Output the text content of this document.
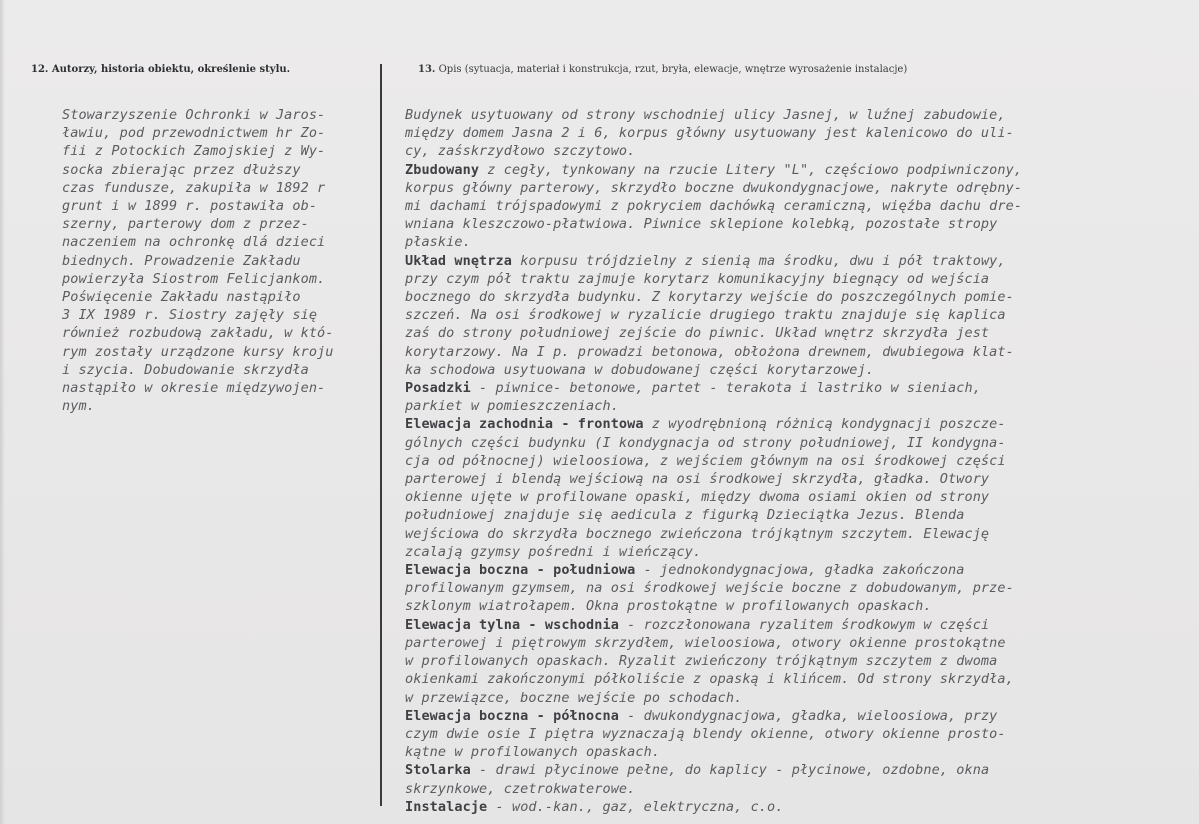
12. Autorzy, historia obiektu, określenie stylu.	13. Opis (sytuacja, materiał i konstrukcja, rzut, bryła, elewacje, wnętrze wyrosażenie instalacje)
Stowarzyszenie Ochronki w Jaros-
ławiu, pod przewodnictwem hr Zo-
fii z Potockich Zamojskiej z Wy-
socka zbierając przez dłuższy
czas fundusze, zakupiła w 1892 r
grunt i w 1899 r. postawiła ob-
szerny, parterowy dom z przez-
naczeniem na ochronkę dlá dzieci
biednych. Prowadzenie Zakładu
powierzyła Siostrom Felicjankom.
Poświęcenie Zakładu nastąpiło
3 IX 1989 r. Siostry zajęły się
również rozbudową zakładu, w któ-
rym zostały urządzone kursy kroju
i szycia. Dobudowanie skrzydła
nastąpiło w okresie międzywojen-
nym.
Budynek usytuowany od strony wschodniej ulicy Jasnej, w luźnej zabudowie,
między domem Jasna 2 i 6, korpus główny usytuowany jest kalenicowo do uli-
cy, zaśskrzydłowo szczytowo.
Zbudowany z cegły, tynkowany na rzucie Litery "L", częściowo podpiwniczony,
korpus główny parterowy, skrzydło boczne dwukondygnacjowe, nakryte odrębny-
mi dachami trójspadowymi z pokryciem dachówką ceramiczną, więźba dachu dre-
wniana kleszczowo-płatwiowa. Piwnice sklepione kolebką, pozostałe stropy
płaskie.
Układ wnętrza korpusu trójdzielny z sienią ma środku, dwu i pół traktowy,
przy czym pół traktu zajmuje korytarz komunikacyjny biegnący od wejścia
bocznego do skrzydła budynku. Z korytarzy wejście do poszczególnych pomie-
szczeń. Na osi środkowej w ryzalicie drugiego traktu znajduje się kaplica
zaś do strony południowej zejście do piwnic. Układ wnętrz skrzydła jest
korytarzowy. Na I p. prowadzi betonowa, obłożona drewnem, dwubiegowa klat-
ka schodowa usytuowana w dobudowanej części korytarzowej.
Posadzki - piwnice- betonowe, partet - terakota i lastriko w sieniach,
parkiet w pomieszczeniach.
Elewacja zachodnia - frontowa z wyodrębnioną różnicą kondygnacji poszcze-
gólnych części budynku (I kondygnacja od strony południowej, II kondygna-
cja od północnej) wieloosiowa, z wejściem głównym na osi środkowej części
parterowej i blendą wejściową na osi środkowej skrzydła, gładka. Otwory
okienne ujęte w profilowane opaski, między dwoma osiami okien od strony
południowej znajduje się aedicula z figurką Dzieciątka Jezus. Blenda
wejściowa do skrzydła bocznego zwieńczona trójkątnym szczytem. Elewację
zcalają gzymsy pośredni i wieńczący.
Elewacja boczna - południowa - jednokondygnacjowa, gładka zakończona
profilowanym gzymsem, na osi środkowej wejście boczne z dobudowanym, prze-
szklonym wiatrołapem. Okna prostokątne w profilowanych opaskach.
Elewacja tylna - wschodnia - rozczłonowana ryzalitem środkowym w części
parterowej i piętrowym skrzydłem, wieloosiowa, otwory okienne prostokątne
w profilowanych opaskach. Ryzalit zwieńczony trójkątnym szczytem z dwoma
okienkami zakończonymi półkoliście z opaską i klińcem. Od strony skrzydła,
w przewiązce, boczne wejście po schodach.
Elewacja boczna - północna - dwukondygnacjowa, gładka, wieloosiowa, przy
czym dwie osie I piętra wyznaczają blendy okienne, otwory okienne prosto-
kątne w profilowanych opaskach.
Stolarka - drawi płycinowe pełne, do kaplicy - płycinowe, ozdobne, okna
skrzynkowe, czetrokwaterowe.
Instalacje - wod.-kan., gaz, elektryczna, c.o.
